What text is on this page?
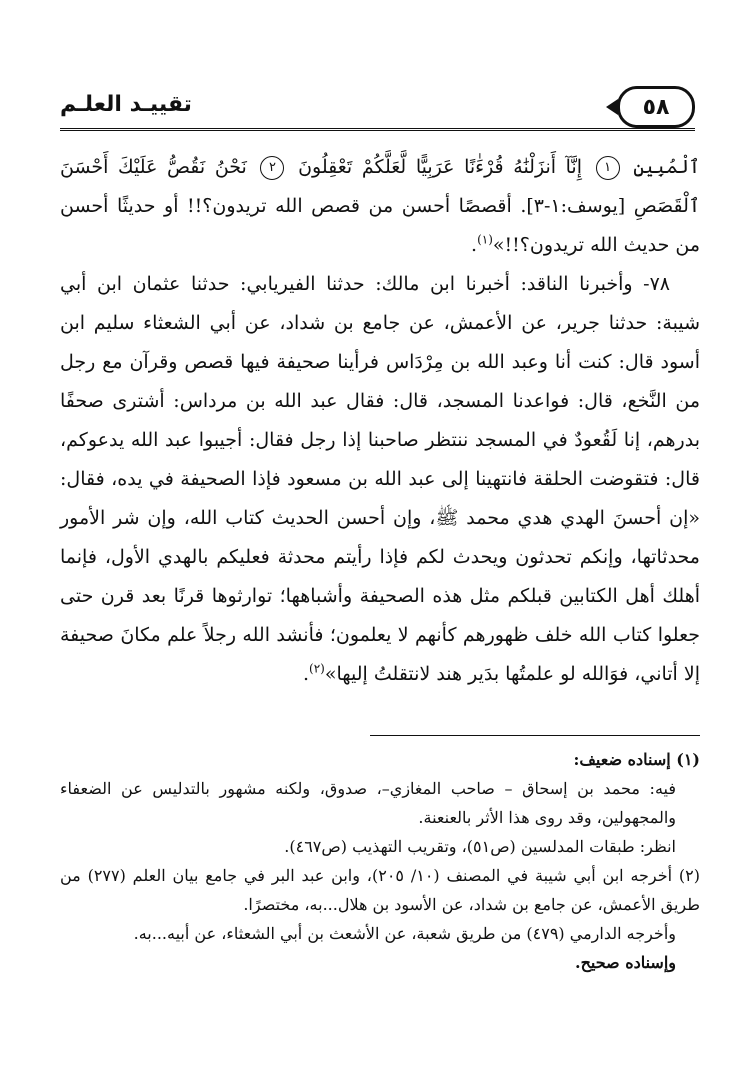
٥٨
تقييـد العلـم

ٱلْمُبِينِ ١ إِنَّآ أَنزَلْنَٰهُ قُرْءَٰنًا عَرَبِيًّا لَّعَلَّكُمْ تَعْقِلُونَ ٢ نَحْنُ نَقُصُّ عَلَيْكَ أَحْسَنَ ٱلْقَصَصِ [يوسف:١-٣]. أقصصًا أحسن من قصص الله تريدون؟!! أو حديثًا أحسن من حديث الله تريدون؟!!»$^{(١)}$.

٧٨- وأخبرنا الناقد: أخبرنا ابن مالك: حدثنا الفيريابي: حدثنا عثمان ابن أبي شيبة: حدثنا جرير، عن الأعمش، عن جامع بن شداد، عن أبي الشعثاء سليم ابن أسود قال: كنت أنا وعبد الله بن مِرْدَاس فرأينا صحيفة فيها قصص وقرآن مع رجل من النَّخع، قال: فواعدنا المسجد، قال: فقال عبد الله بن مرداس: أشترى صحفًا بدرهم، إنا لَقُعودٌ في المسجد ننتظر صاحبنا إذا رجل فقال: أجيبوا عبد الله يدعوكم، قال: فتقوضت الحلقة فانتهينا إلى عبد الله بن مسعود فإذا الصحيفة في يده، فقال: «إن أحسنَ الهدي هدي محمد ﷺ، وإن أحسن الحديث كتاب الله، وإن شر الأمور محدثاتها، وإنكم تحدثون ويحدث لكم فإذا رأيتم محدثة فعليكم بالهدي الأول، فإنما أهلك أهل الكتابين قبلكم مثل هذه الصحيفة وأشباهها؛ توارثوها قرنًا بعد قرن حتى جعلوا كتاب الله خلف ظهورهم كأنهم لا يعلمون؛ فأنشد الله رجلاً علم مكانَ صحيفة إلا أتاني، فوَالله لو علمتُها بدَير هند لانتقلتُ إليها»$^{(٢)}$.

(١) إسناده ضعيف:

فيه: محمد بن إسحاق – صاحب المغازي–، صدوق، ولكنه مشهور بالتدليس عن الضعفاء والمجهولين، وقد روى هذا الأثر بالعنعنة.

انظر: طبقات المدلسين (ص٥١)، وتقريب التهذيب (ص٤٦٧).

(٢) أخرجه ابن أبي شيبة في المصنف (١٠/ ٢٠٥)، وابن عبد البر في جامع بيان العلم (٢٧٧) من طريق الأعمش، عن جامع بن شداد، عن الأسود بن هلال...به، مختصرًا.

وأخرجه الدارمي (٤٧٩) من طريق شعبة، عن الأشعث بن أبي الشعثاء، عن أبيه...به.

وإسناده صحيح.
